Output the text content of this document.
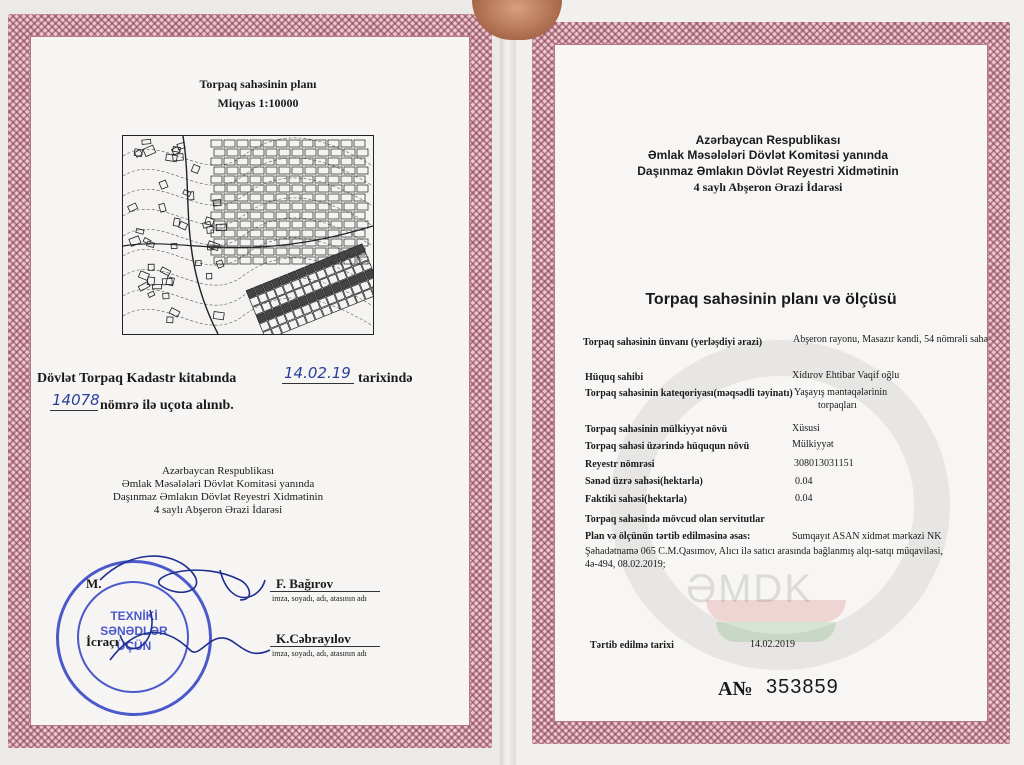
Torpaq sahəsinin planı
Miqyas 1:10000
Dövlət Torpaq Kadastr kitabında	14.02.19 tarixində
14078 nömrə ilə uçota alınıb.
Azərbaycan Respublikası
Əmlak Məsələləri Dövlət Komitəsi yanında
Daşınmaz Əmlakın Dövlət Reyestri Xidmətinin
4 saylı Abşeron Ərazi İdarəsi
TEXNİKİ
SƏNƏDLƏR
ÜÇÜN
M.	F. Bağırov
imza, soyadı, adı, atasının adı
İcraçı	K.Cəbrayılov
imza, soyadı, adı, atasının adı
ƏMDK
Azərbaycan Respublikası
Əmlak Məsələləri Dövlət Komitəsi yanında
Daşınmaz Əmlakın Dövlət Reyestri Xidmətinin
4 saylı Abşeron Ərazi İdarəsi
Torpaq sahəsinin planı və ölçüsü
Torpaq sahəsinin ünvanı (yerləşdiyi ərazi)	Abşeron rayonu, Masazır kəndi, 54 nömrəli sahə
Hüquq sahibi	Xidırov Ehtibar Vaqif oğlu
Torpaq sahəsinin kateqoriyası(məqsədli təyinatı) Yaşayış məntəqələrinin
torpaqları
Torpaq sahəsinin mülkiyyət növü	Xüsusi
Torpaq sahəsi üzərində hüququn növü	Mülkiyyət
Reyestr nömrəsi	308013031151
Sənəd üzrə sahəsi(hektarla)	0.04
Faktiki sahəsi(hektarla)	0.04
Torpaq sahəsində mövcud olan servitutlar
Plan və ölçünün tərtib edilməsinə əsas:	Sumqayıt ASAN xidmət mərkəzi NK
Şəhadətnamə 065 C.M.Qasımov, Alıcı ilə satıcı arasında bağlanmış alqı-satqı müqaviləsi,
4ə-494, 08.02.2019;
Tərtib edilmə tarixi	14.02.2019
A№ 353859
